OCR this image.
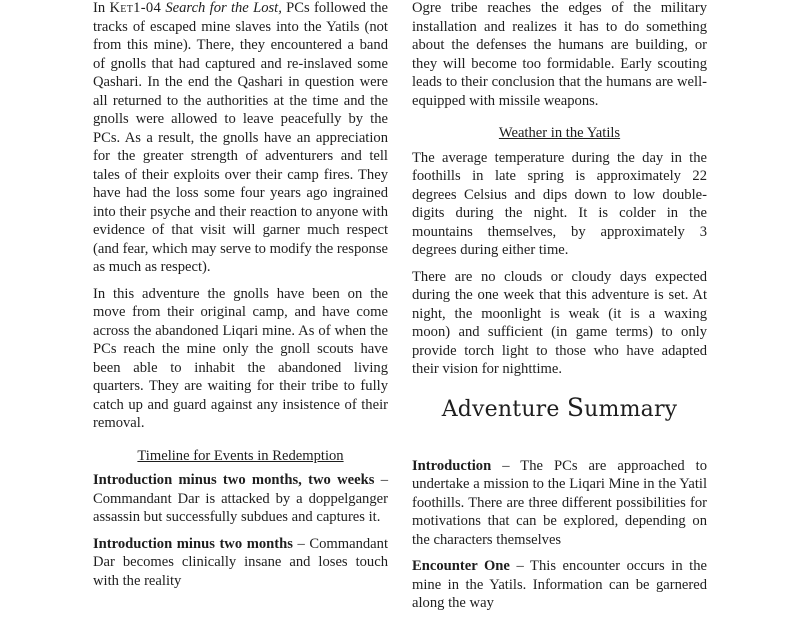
In Ket1-04 Search for the Lost, PCs followed the tracks of escaped mine slaves into the Yatils (not from this mine). There, they encountered a band of gnolls that had captured and re-inslaved some Qashari. In the end the Qashari in question were all returned to the authorities at the time and the gnolls were allowed to leave peacefully by the PCs. As a result, the gnolls have an appreciation for the greater strength of adventurers and tell tales of their exploits over their camp fires. They have had the loss some four years ago ingrained into their psyche and their reaction to anyone with evidence of that visit will garner much respect (and fear, which may serve to modify the response as much as respect).

In this adventure the gnolls have been on the move from their original camp, and have come across the abandoned Liqari mine. As of when the PCs reach the mine only the gnoll scouts have been able to inhabit the abandoned living quarters. They are waiting for their tribe to fully catch up and guard against any insistence of their removal.

Timeline for Events in Redemption

Introduction minus two months, two weeks – Commandant Dar is attacked by a doppelganger assassin but successfully subdues and captures it.

Introduction minus two months – Commandant Dar becomes clinically insane and loses touch with the reality

Ogre tribe reaches the edges of the military installation and realizes it has to do something about the defenses the humans are building, or they will become too formidable. Early scouting leads to their conclusion that the humans are well-equipped with missile weapons.

Weather in the Yatils

The average temperature during the day in the foothills in late spring is approximately 22 degrees Celsius and dips down to low double-digits during the night. It is colder in the mountains themselves, by approximately 3 degrees during either time.

There are no clouds or cloudy days expected during the one week that this adventure is set. At night, the moonlight is weak (it is a waxing moon) and sufficient (in game terms) to only provide torch light to those who have adapted their vision for nighttime.

Adventure Summary

Introduction – The PCs are approached to undertake a mission to the Liqari Mine in the Yatil foothills. There are three different possibilities for motivations that can be explored, depending on the characters themselves

Encounter One – This encounter occurs in the mine in the Yatils. Information can be garnered along the way
